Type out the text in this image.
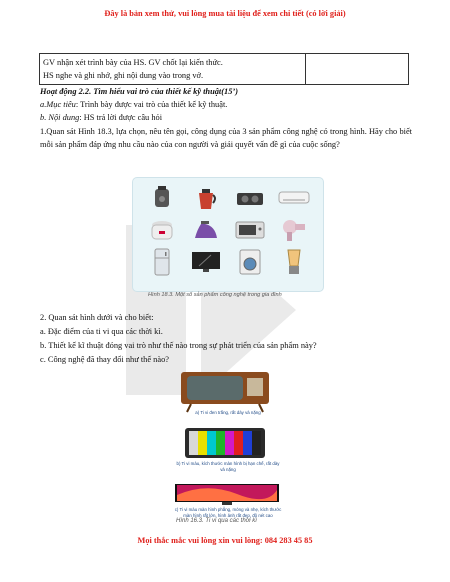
Đây là bản xem thử, vui lòng mua tài liệu để xem chi tiết (có lời giải)
GV nhận xét trình bày của HS. GV chốt lại kiến thức.
HS nghe và ghi nhớ, ghi nội dung vào trong vở.	
Hoạt động 2.2. Tìm hiểu vai trò của thiết kế kỹ thuật(15’)
a.Mục tiêu: Trình bày được vai trò của thiết kế kỹ thuật.
b. Nội dung: HS trả lời được câu hỏi
1.Quan sát Hình 18.3, lựa chọn, nêu tên gọi, công dụng của 3 sản phẩm công nghệ có trong hình. Hãy cho biết mỗi sản phẩm đáp ứng nhu cầu nào của con người và giải quyết vấn đề gì của cuộc sống?
Hình 18.3. Một số sản phẩm công nghệ trong gia đình
2. Quan sát hình dưới và cho biết:
a. Đặc điểm của ti vi qua các thời kì.
b. Thiết kế kĩ thuật đóng vai trò như thế nào trong sự phát triển của sản phẩm này?
c. Công nghệ đã thay đổi như thế nào?
a) Ti vi đen trắng, rất dày và nặng
b) Ti vi màu, kích thước màn hình bị hạn chế, rất dày và nặng
c) Ti vi màu màn hình phẳng, mỏng và nhẹ, kích thước màn hình rất lớn, hình ảnh rất đẹp, độ nét cao
Hình 16.3. Ti vi qua các thời kì
Mọi thắc mắc vui lòng xin vui lòng: 084 283 45 85
